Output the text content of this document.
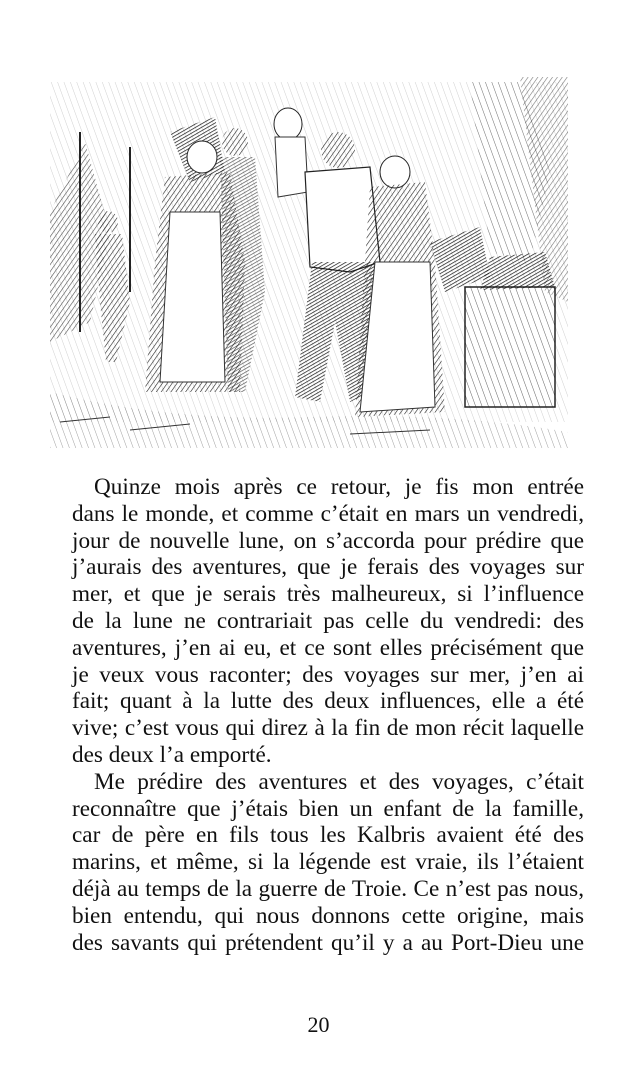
Quinze mois après ce retour, je fis mon entrée
dans le monde, et comme c’était en mars un vendredi,
jour de nouvelle lune, on s’accorda pour prédire que
j’aurais des aventures, que je ferais des voyages sur
mer, et que je serais très malheureux, si l’influence
de la lune ne contrariait pas celle du vendredi: des
aventures, j’en ai eu, et ce sont elles précisément que
je veux vous raconter; des voyages sur mer, j’en ai
fait; quant à la lutte des deux influences, elle a été
vive; c’est vous qui direz à la fin de mon récit laquelle
des deux l’a emporté.

Me prédire des aventures et des voyages, c’était
reconnaître que j’étais bien un enfant de la famille,
car de père en fils tous les Kalbris avaient été des
marins, et même, si la légende est vraie, ils l’étaient
déjà au temps de la guerre de Troie. Ce n’est pas nous,
bien entendu, qui nous donnons cette origine, mais
des savants qui prétendent qu’il y a au Port-Dieu une

20
